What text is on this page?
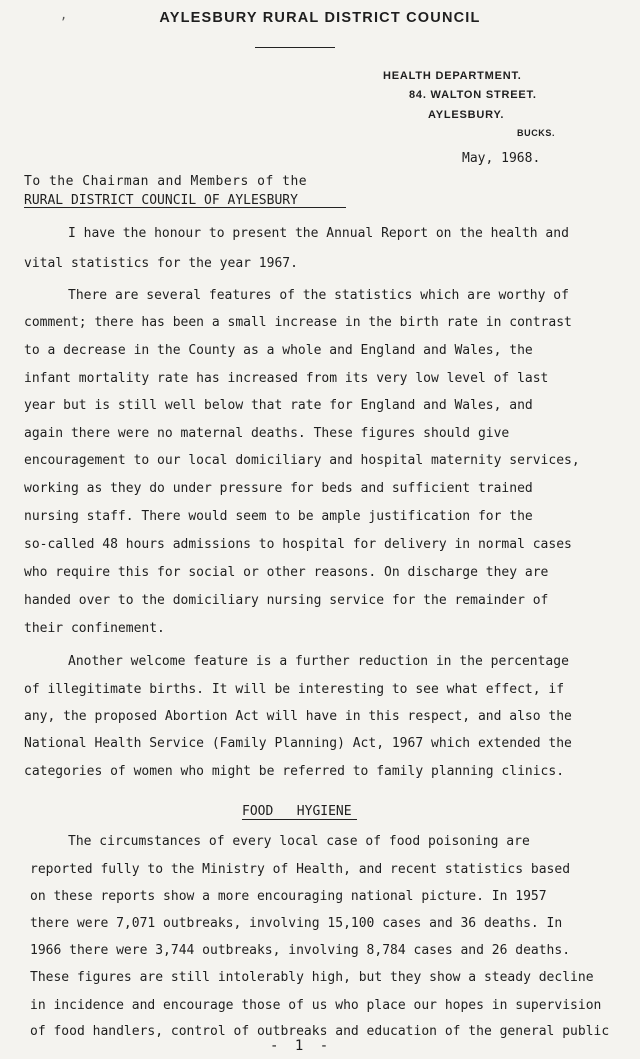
,	AYLESBURY RURAL DISTRICT COUNCIL
HEALTH DEPARTMENT.
84. WALTON STREET.
AYLESBURY.
BUCKS.
May, 1968.
To the Chairman and Members of the
RURAL DISTRICT COUNCIL OF AYLESBURY
I have the honour to present the Annual Report on the health and
vital statistics for the year 1967.
There are several features of the statistics which are worthy of
comment; there has been a small increase in the birth rate in contrast
to a decrease in the County as a whole and England and Wales, the
infant mortality rate has increased from its very low level of last
year but is still well below that rate for England and Wales, and
again there were no maternal deaths. These figures should give
encouragement to our local domiciliary and hospital maternity services,
working as they do under pressure for beds and sufficient trained
nursing staff. There would seem to be ample justification for the
so-called 48 hours admissions to hospital for delivery in normal cases
who require this for social or other reasons. On discharge they are
handed over to the domiciliary nursing service for the remainder of
their confinement.
Another welcome feature is a further reduction in the percentage
of illegitimate births. It will be interesting to see what effect, if
any, the proposed Abortion Act will have in this respect, and also the
National Health Service (Family Planning) Act, 1967 which extended the
categories of women who might be referred to family planning clinics.
FOOD   HYGIENE
The circumstances of every local case of food poisoning are
reported fully to the Ministry of Health, and recent statistics based
on these reports show a more encouraging national picture. In 1957
there were 7,071 outbreaks, involving 15,100 cases and 36 deaths. In
1966 there were 3,744 outbreaks, involving 8,784 cases and 26 deaths.
These figures are still intolerably high, but they show a steady decline
in incidence and encourage those of us who place our hopes in supervision
of food handlers, control of outbreaks and education of the general public
- 1 -
